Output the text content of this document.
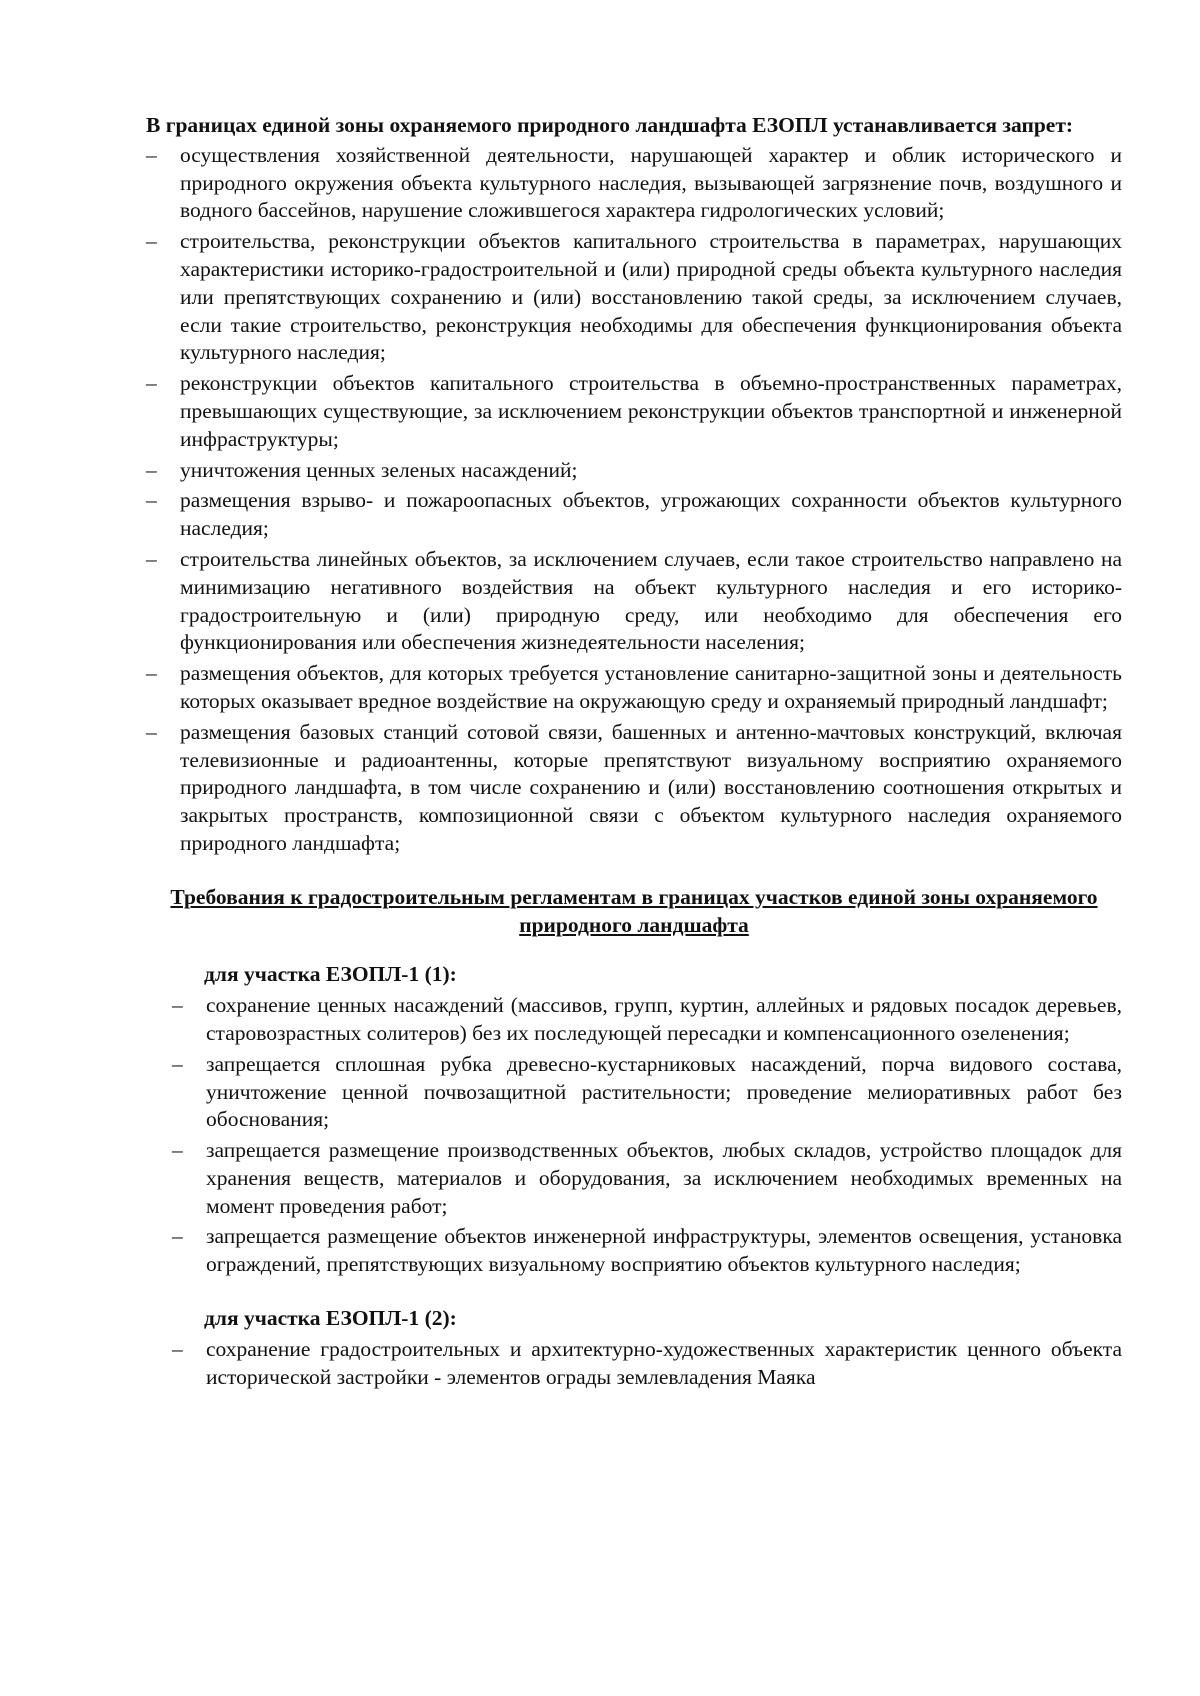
В границах единой зоны охраняемого природного ландшафта ЕЗОПЛ устанавливается запрет:

–	осуществления хозяйственной деятельности, нарушающей характер и облик исторического и природного окружения объекта культурного наследия, вызывающей загрязнение почв, воздушного и водного бассейнов, нарушение сложившегося характера гидрологических условий;
–	строительства, реконструкции объектов капитального строительства в параметрах, нарушающих характеристики историко-градостроительной и (или) природной среды объекта культурного наследия или препятствующих сохранению и (или) восстановлению такой среды, за исключением случаев, если такие строительство, реконструкция необходимы для обеспечения функционирования объекта культурного наследия;
–	реконструкции объектов капитального строительства в объемно-пространственных параметрах, превышающих существующие, за исключением реконструкции объектов транспортной и инженерной инфраструктуры;
–	уничтожения ценных зеленых насаждений;
–	размещения взрыво- и пожароопасных объектов, угрожающих сохранности объектов культурного наследия;
–	строительства линейных объектов, за исключением случаев, если такое строительство направлено на минимизацию негативного воздействия на объект культурного наследия и его историко-градостроительную и (или) природную среду, или необходимо для обеспечения его функционирования или обеспечения жизнедеятельности населения;
–	размещения объектов, для которых требуется установление санитарно-защитной зоны и деятельность которых оказывает вредное воздействие на окружающую среду и охраняемый природный ландшафт;
–	размещения базовых станций сотовой связи, башенных и антенно-мачтовых конструкций, включая телевизионные и радиоантенны, которые препятствуют визуальному восприятию охраняемого природного ландшафта, в том числе сохранению и (или) восстановлению соотношения открытых и закрытых пространств, композиционной связи с объектом культурного наследия охраняемого природного ландшафта;

Требования к градостроительным регламентам в границах участков единой зоны охраняемого природного ландшафта

для участка ЕЗОПЛ-1 (1):

–	сохранение ценных насаждений (массивов, групп, куртин, аллейных и рядовых посадок деревьев, старовозрастных солитеров) без их последующей пересадки и компенсационного озеленения;
–	запрещается сплошная рубка древесно-кустарниковых насаждений, порча видового состава, уничтожение ценной почвозащитной растительности; проведение мелиоративных работ без обоснования;
–	запрещается размещение производственных объектов, любых складов, устройство площадок для хранения веществ, материалов и оборудования, за исключением необходимых временных на момент проведения работ;
–	запрещается размещение объектов инженерной инфраструктуры, элементов освещения, установка ограждений, препятствующих визуальному восприятию объектов культурного наследия;

для участка ЕЗОПЛ-1 (2):

–	сохранение градостроительных и архитектурно-художественных характеристик ценного объекта исторической застройки - элементов ограды землевладения Маяка
